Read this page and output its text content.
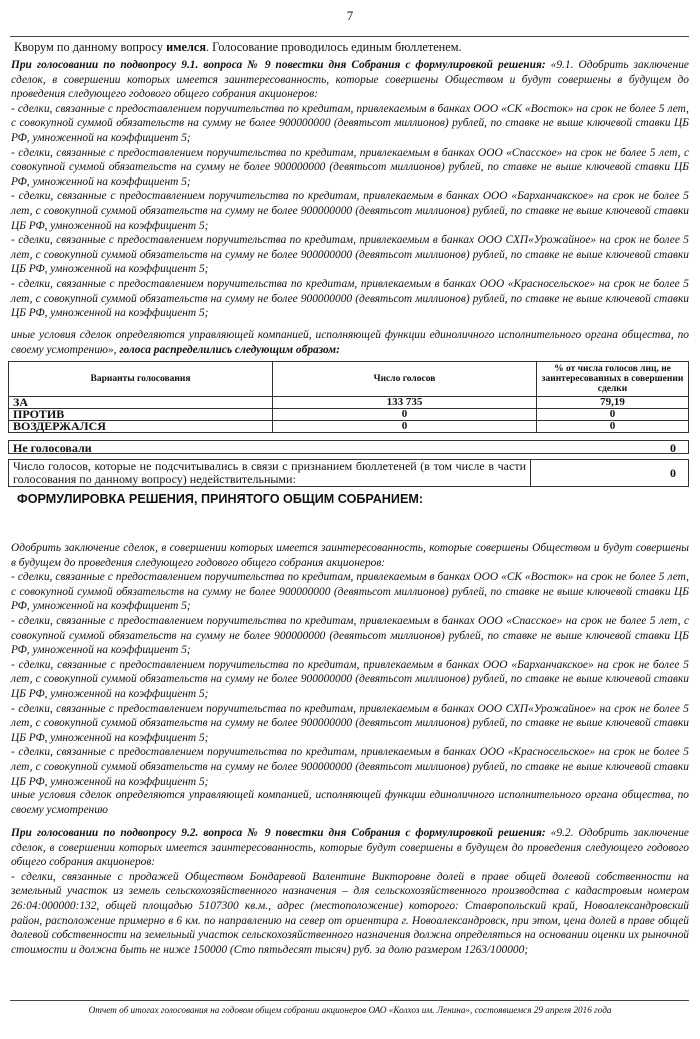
7
Кворум по данному вопросу имелся. Голосование проводилось единым бюллетенем.

При голосовании по подвопросу 9.1. вопроса № 9 повестки дня Собрания с формулировкой решения: «9.1. Одобрить заключение сделок, в совершении которых имеется заинтересованность, которые совершены Обществом и будут совершены в будущем до проведения следующего годового общего собрания акционеров:

- сделки, связанные с предоставлением поручительства по кредитам, привлекаемым в банках ООО «СК «Восток» на срок не более 5 лет, с совокупной суммой обязательств на сумму не более 900000000 (девятьсот миллионов) рублей, по ставке не выше ключевой ставки ЦБ РФ, умноженной на коэффициент 5;

- сделки, связанные с предоставлением поручительства по кредитам, привлекаемым в банках ООО «Спасское» на срок не более 5 лет, с совокупной суммой обязательств на сумму не более 900000000 (девятьсот миллионов) рублей, по ставке не выше ключевой ставки ЦБ РФ, умноженной на коэффициент 5;

- сделки, связанные с предоставлением поручительства по кредитам, привлекаемым в банках ООО «Барханчакское» на срок не более 5 лет, с совокупной суммой обязательств на сумму не более 900000000 (девятьсот миллионов) рублей, по ставке не выше ключевой ставки ЦБ РФ, умноженной на коэффициент 5;

- сделки, связанные с предоставлением поручительства по кредитам, привлекаемым в банках ООО СХП«Урожайное» на срок не более 5 лет, с совокупной суммой обязательств на сумму не более 900000000 (девятьсот миллионов) рублей, по ставке не выше ключевой ставки ЦБ РФ, умноженной на коэффициент 5;

- сделки, связанные с предоставлением поручительства по кредитам, привлекаемым в банках ООО «Красносельское» на срок не более 5 лет, с совокупной суммой обязательств на сумму не более 900000000 (девятьсот миллионов) рублей, по ставке не выше ключевой ставки ЦБ РФ, умноженной на коэффициент 5;

иные условия сделок определяются управляющей компанией, исполняющей функции единоличного исполнительного органа общества, по своему усмотрению», голоса распределились следующим образом:

Варианты голосования	Число голосов	% от числа голосов лиц, не заинтересованных в совершении сделки
ЗА	133 735	79,19
ПРОТИВ	0	0
ВОЗДЕРЖАЛСЯ	0	0
Не голосовали	0
Число голосов, которые не подсчитывались в связи с признанием бюллетеней (в том числе в части голосования по данному вопросу) недействительными:	0
ФОРМУЛИРОВКА РЕШЕНИЯ, ПРИНЯТОГО ОБЩИМ СОБРАНИЕМ:

Одобрить заключение сделок, в совершении которых имеется заинтересованность, которые совершены Обществом и будут совершены в будущем до проведения следующего годового общего собрания акционеров:

- сделки, связанные с предоставлением поручительства по кредитам, привлекаемым в банках ООО «СК «Восток» на срок не более 5 лет, с совокупной суммой обязательств на сумму не более 900000000 (девятьсот миллионов) рублей, по ставке не выше ключевой ставки ЦБ РФ, умноженной на коэффициент 5;

- сделки, связанные с предоставлением поручительства по кредитам, привлекаемым в банках ООО «Спасское» на срок не более 5 лет, с совокупной суммой обязательств на сумму не более 900000000 (девятьсот миллионов) рублей, по ставке не выше ключевой ставки ЦБ РФ, умноженной на коэффициент 5;

- сделки, связанные с предоставлением поручительства по кредитам, привлекаемым в банках ООО «Барханчакское» на срок не более 5 лет, с совокупной суммой обязательств на сумму не более 900000000 (девятьсот миллионов) рублей, по ставке не выше ключевой ставки ЦБ РФ, умноженной на коэффициент 5;

- сделки, связанные с предоставлением поручительства по кредитам, привлекаемым в банках ООО СХП«Урожайное» на срок не более 5 лет, с совокупной суммой обязательств на сумму не более 900000000 (девятьсот миллионов) рублей, по ставке не выше ключевой ставки ЦБ РФ, умноженной на коэффициент 5;

- сделки, связанные с предоставлением поручительства по кредитам, привлекаемым в банках ООО «Красносельское» на срок не более 5 лет, с совокупной суммой обязательств на сумму не более 900000000 (девятьсот миллионов) рублей, по ставке не выше ключевой ставки ЦБ РФ, умноженной на коэффициент 5;

иные условия сделок определяются управляющей компанией, исполняющей функции единоличного исполнительного органа общества, по своему усмотрению

При голосовании по подвопросу 9.2. вопроса № 9 повестки дня Собрания с формулировкой решения: «9.2. Одобрить заключение сделок, в совершении которых имеется заинтересованность, которые будут совершены в будущем до проведения следующего годового общего собрания акционеров:

- сделки, связанные с продажей Обществом Бондаревой Валентине Викторовне долей в праве общей долевой собственности на земельный участок из земель сельскохозяйственного назначения – для сельскохозяйственного производства с кадастровым номером 26:04:000000:132, общей площадью 5107300 кв.м., адрес (местоположение) которого: Ставропольский край, Новоалександровский район, расположение примерно в 6 км. по направлению на север от ориентира г. Новоалександровск, при этом, цена долей в праве общей долевой собственности на земельный участок сельскохозяйственного назначения должна определяться на основании оценки их рыночной стоимости и должна быть не ниже 150000 (Сто пятьдесят тысяч) руб. за долю размером 1263/100000;

Отчет об итогах голосования на годовом общем собрании акционеров ОАО «Колхоз им. Ленина», состоявшемся 29 апреля 2016 года
